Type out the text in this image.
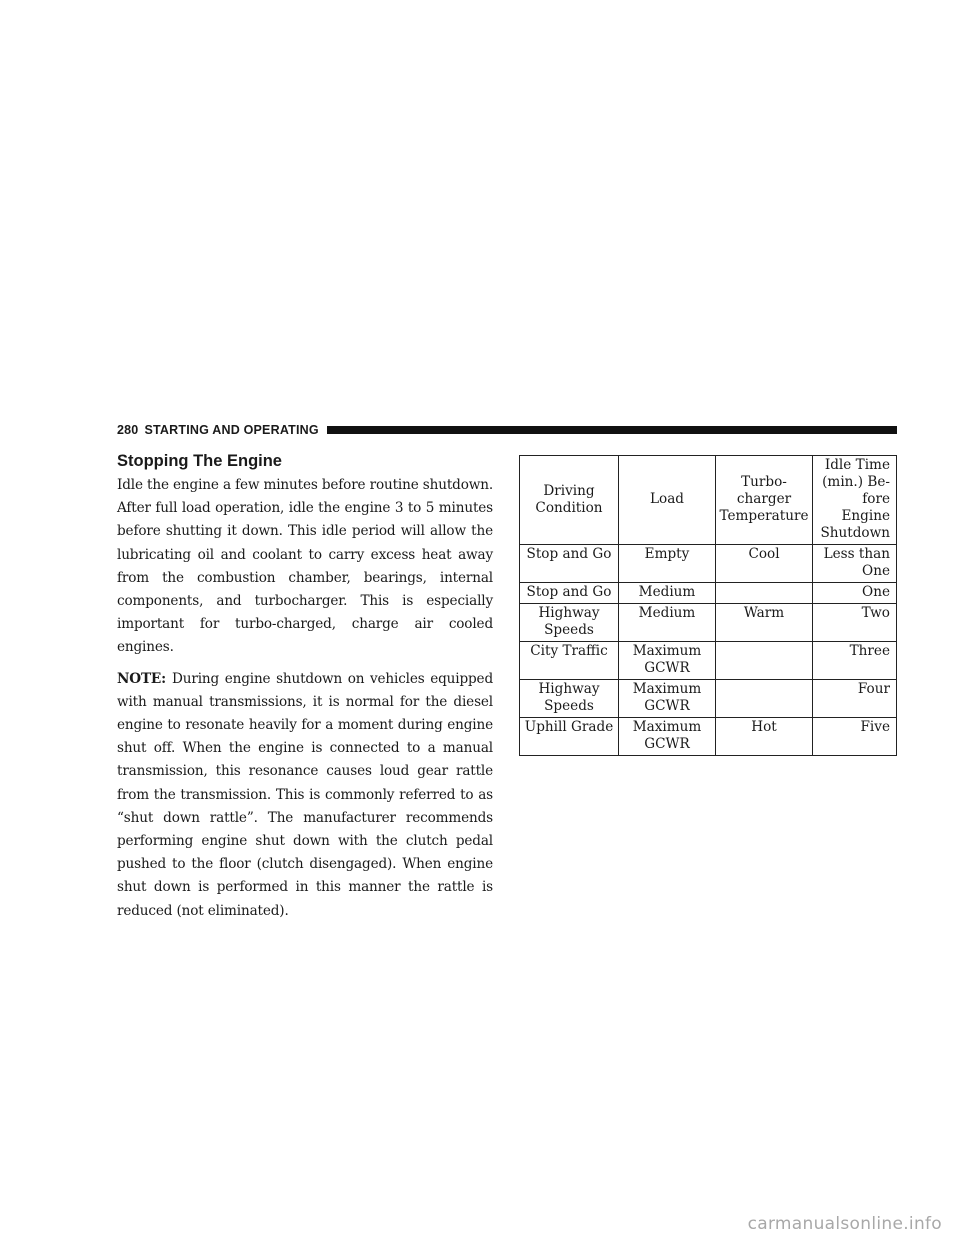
280 STARTING AND OPERATING
Stopping The Engine

Idle the engine a few minutes before routine shutdown. After full load operation, idle the engine 3 to 5 minutes before shutting it down. This idle period will allow the lubricating oil and coolant to carry excess heat away from the combustion chamber, bearings, internal components, and turbocharger. This is especially important for turbo-charged, charge air cooled engines.

NOTE: During engine shutdown on vehicles equipped with manual transmissions, it is normal for the diesel engine to resonate heavily for a moment during engine shut off. When the engine is connected to a manual transmission, this resonance causes loud gear rattle from the transmission. This is commonly referred to as “shut down rattle”. The manufacturer recommends performing engine shut down with the clutch pedal pushed to the floor (clutch disengaged). When engine shut down is performed in this manner the rattle is reduced (not eliminated).

Driving Condition	Load	Turbo-charger Temperature	Idle Time (min.) Be-fore Engine Shutdown
Stop and Go	Empty	Cool	Less than One
Stop and Go	Medium		One
Highway Speeds	Medium	Warm	Two
City Traffic	Maximum GCWR		Three
Highway Speeds	Maximum GCWR		Four
Uphill Grade	Maximum GCWR	Hot	Five
carmanualsonline.info
